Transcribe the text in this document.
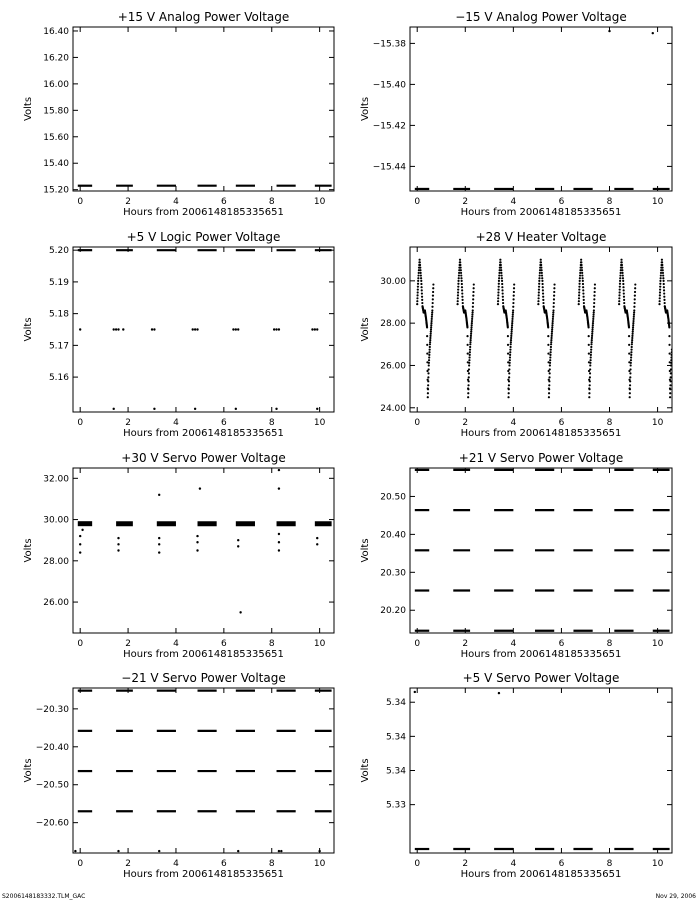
+15 V Analog Power Voltage
0	2	4	6	8	10
15.20
15.40
15.60
15.80
16.00
16.20
16.40
Hours from 2006148185335651
Volts
−15 V Analog Power Voltage
0	2	4	6	8	10
−15.44
−15.42
−15.40
−15.38
Hours from 2006148185335651
Volts
+5 V Logic Power Voltage
0	2	4	6	8	10
5.16
5.17
5.18
5.19
5.20
Hours from 2006148185335651
Volts
+28 V Heater Voltage
0	2	4	6	8	10
24.00
26.00
28.00
30.00
Hours from 2006148185335651
Volts
+30 V Servo Power Voltage
0	2	4	6	8	10
26.00
28.00
30.00
32.00
Hours from 2006148185335651
Volts
+21 V Servo Power Voltage
0	2	4	6	8	10
20.20
20.30
20.40
20.50
Hours from 2006148185335651
Volts
−21 V Servo Power Voltage
0	2	4	6	8	10
−20.60
−20.50
−20.40
−20.30
Hours from 2006148185335651
Volts
+5 V Servo Power Voltage
0	2	4	6	8	10
5.33
5.34
5.34
5.34
Hours from 2006148185335651
Volts
S2006148183332.TLM_GAC	Nov 29, 2006
